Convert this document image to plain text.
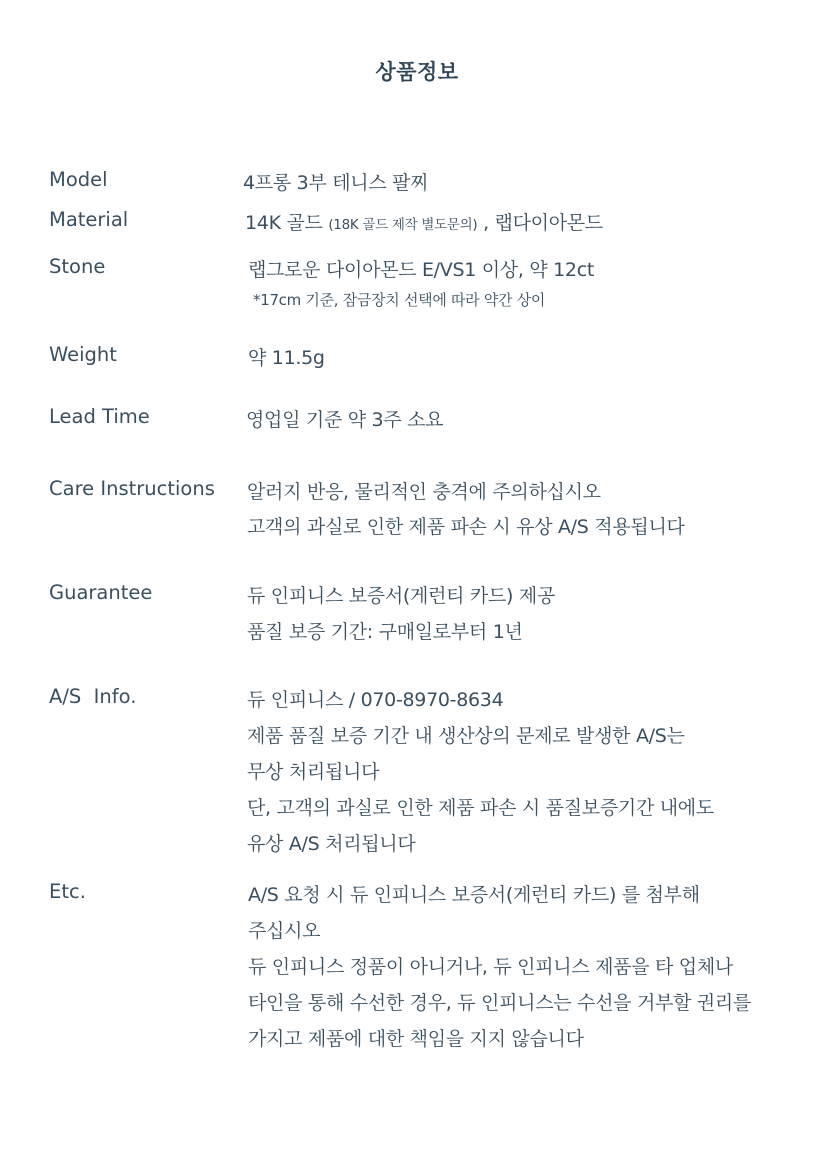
상품정보
Model	4프롱 3부 테니스 팔찌
Material	14K 골드 (18K 골드 제작 별도문의) , 랩다이아몬드
Stone	랩그로운 다이아몬드 E/VS1 이상, 약 12ct
*17cm 기준, 잠금장치 선택에 따라 약간 상이
Weight	약 11.5g
Lead Time	영업일 기준 약 3주 소요
Care Instructions 알러지 반응, 물리적인 충격에 주의하십시오
고객의 과실로 인한 제품 파손 시 유상 A/S 적용됩니다
Guarantee	듀 인피니스 보증서(게런티 카드) 제공
품질 보증 기간: 구매일로부터 1년
A/S  Info.	듀 인피니스 / 070-8970-8634
제품 품질 보증 기간 내 생산상의 문제로 발생한 A/S는
무상 처리됩니다
단, 고객의 과실로 인한 제품 파손 시 품질보증기간 내에도
유상 A/S 처리됩니다
Etc.	A/S 요청 시 듀 인피니스 보증서(게런티 카드) 를 첨부해
주십시오
듀 인피니스 정품이 아니거나, 듀 인피니스 제품을 타 업체나
타인을 통해 수선한 경우, 듀 인피니스는 수선을 거부할 권리를
가지고 제품에 대한 책임을 지지 않습니다
